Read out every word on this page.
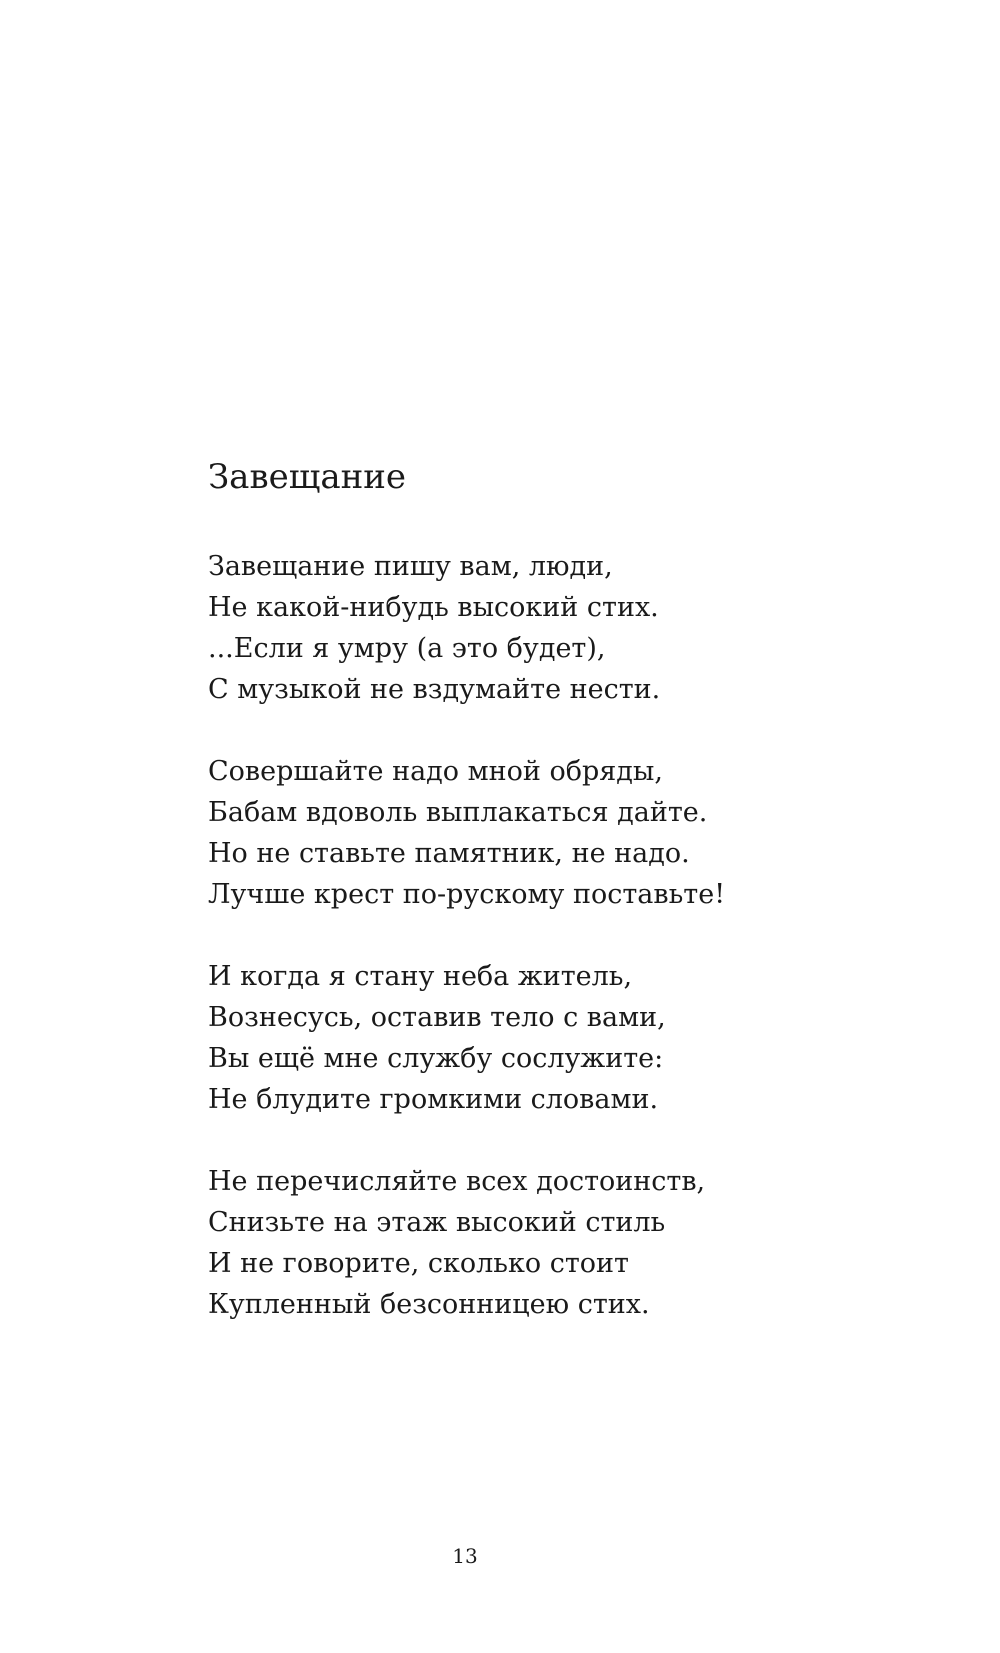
Завещание
Завещание пишу вам, люди,
Не какой-нибудь высокий стих.
...Если я умру (а это будет),
С музыкой не вздумайте нести.
Совершайте надо мной обряды,
Бабам вдоволь выплакаться дайте.
Но не ставьте памятник, не надо.
Лучше крест по-рускому поставьте!
И когда я стану неба житель,
Вознесусь, оставив тело с вами,
Вы ещё мне службу сослужите:
Не блудите громкими словами.
Не перечисляйте всех достоинств,
Снизьте на этаж высокий стиль
И не говорите, сколько стоит
Купленный безсонницею стих.
13
